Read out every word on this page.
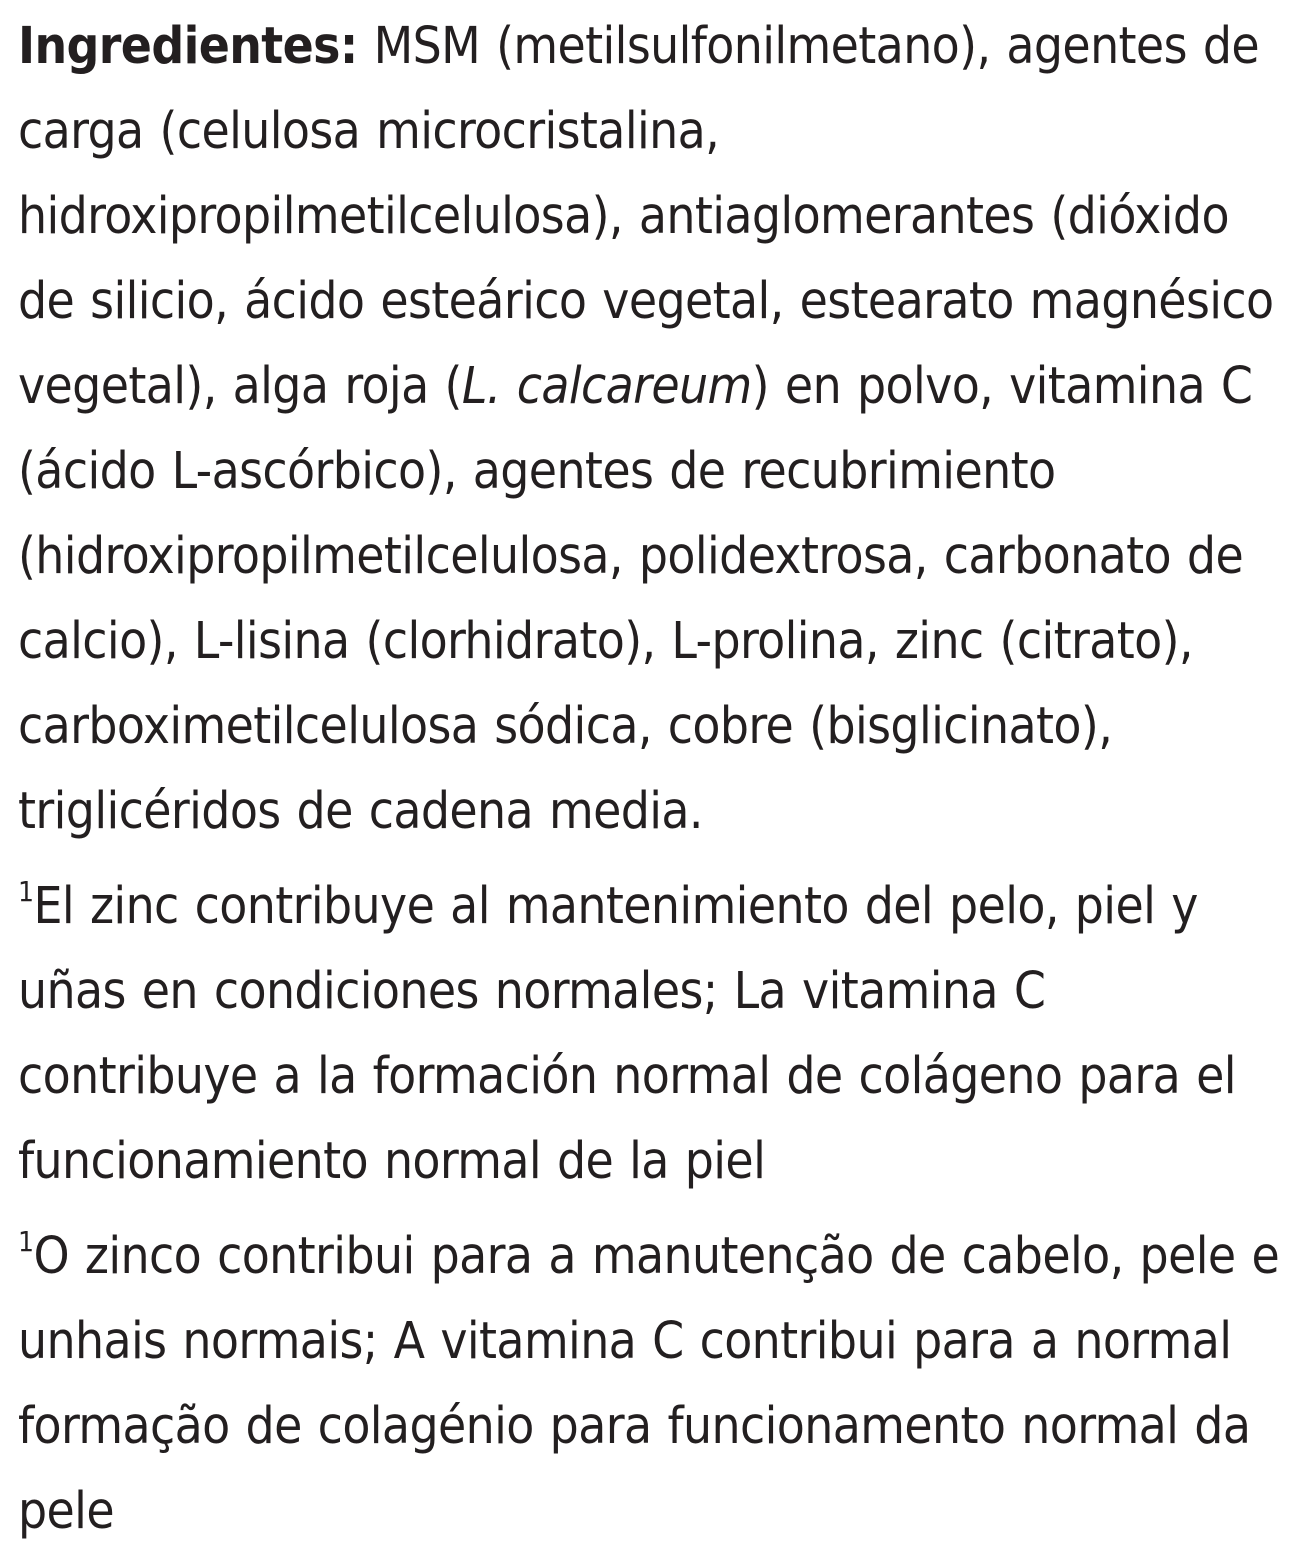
Ingredientes: MSM (metilsulfonilmetano), agentes de carga (celulosa microcristalina, hidroxipropilmetilcelulosa), antiaglomerantes (dióxido de silicio, ácido esteárico vegetal, estearato magnésico vegetal), alga roja (L. calcareum) en polvo, vitamina C (ácido L-ascórbico), agentes de recubrimiento (hidroxipropilmetilcelulosa, polidextrosa, carbonato de calcio), L-lisina (clorhidrato), L-prolina, zinc (citrato), carboximetilcelulosa sódica, cobre (bisglicinato), triglicéridos de cadena media.

$^1$El zinc contribuye al mantenimiento del pelo, piel y uñas en condiciones normales; La vitamina C contribuye a la formación normal de colágeno para el funcionamiento normal de la piel

$^1$O zinco contribui para a manutenção de cabelo, pele e unhais normais; A vitamina C contribui para a normal formação de colagénio para funcionamento normal da pele
